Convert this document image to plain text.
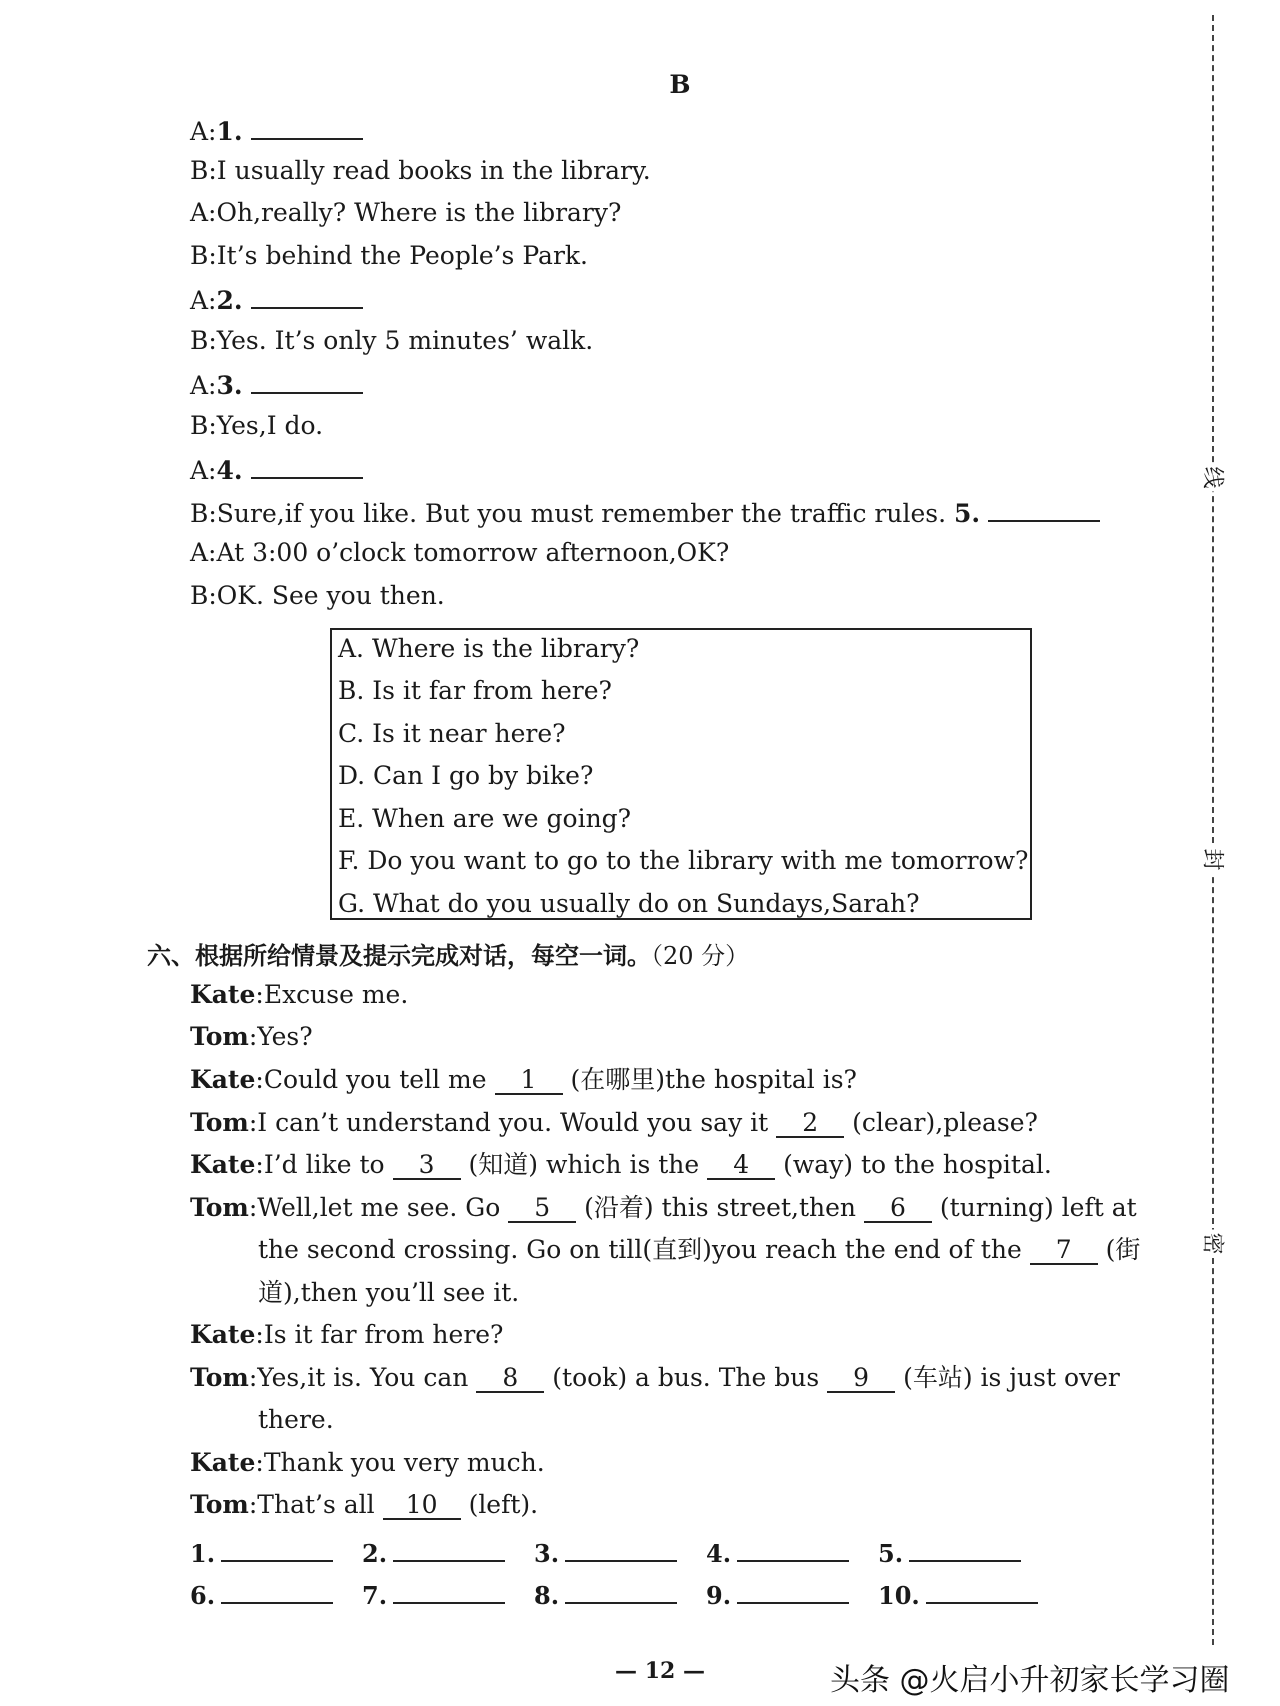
B
A:1.
B:I usually read books in the library.
A:Oh,really? Where is the library?
B:It’s behind the People’s Park.
A:2.
B:Yes. It’s only 5 minutes’ walk.
A:3.
B:Yes,I do.
A:4.
B:Sure,if you like. But you must remember the traffic rules. 5.
A:At 3:00 o’clock tomorrow afternoon,OK?
B:OK. See you then.
A. Where is the library?
B. Is it far from here?
C. Is it near here?
D. Can I go by bike?
E. When are we going?
F. Do you want to go to the library with me tomorrow?
G. What do you usually do on Sundays,Sarah?
六、根据所给情景及提示完成对话，每空一词。（20 分）
Kate:Excuse me.
Tom:Yes?
Kate:Could you tell me 1 (在哪里)the hospital is?
Tom:I can’t understand you. Would you say it 2 (clear),please?
Kate:I’d like to 3 (知道) which is the 4 (way) to the hospital.
Tom:Well,let me see. Go 5 (沿着) this street,then 6 (turning) left at
the second crossing. Go on till(直到)you reach the end of the 7 (街
道),then you’ll see it.
Kate:Is it far from here?
Tom:Yes,it is. You can 8 (took) a bus. The bus 9 (车站) is just over
there.
Kate:Thank you very much.
Tom:That’s all 10 (left).
1.	2.	3.	4.	5.
6.	7.	8.	9.	10.
线
封
密
— 12 —	头条 @火启小升初家长学习圈
